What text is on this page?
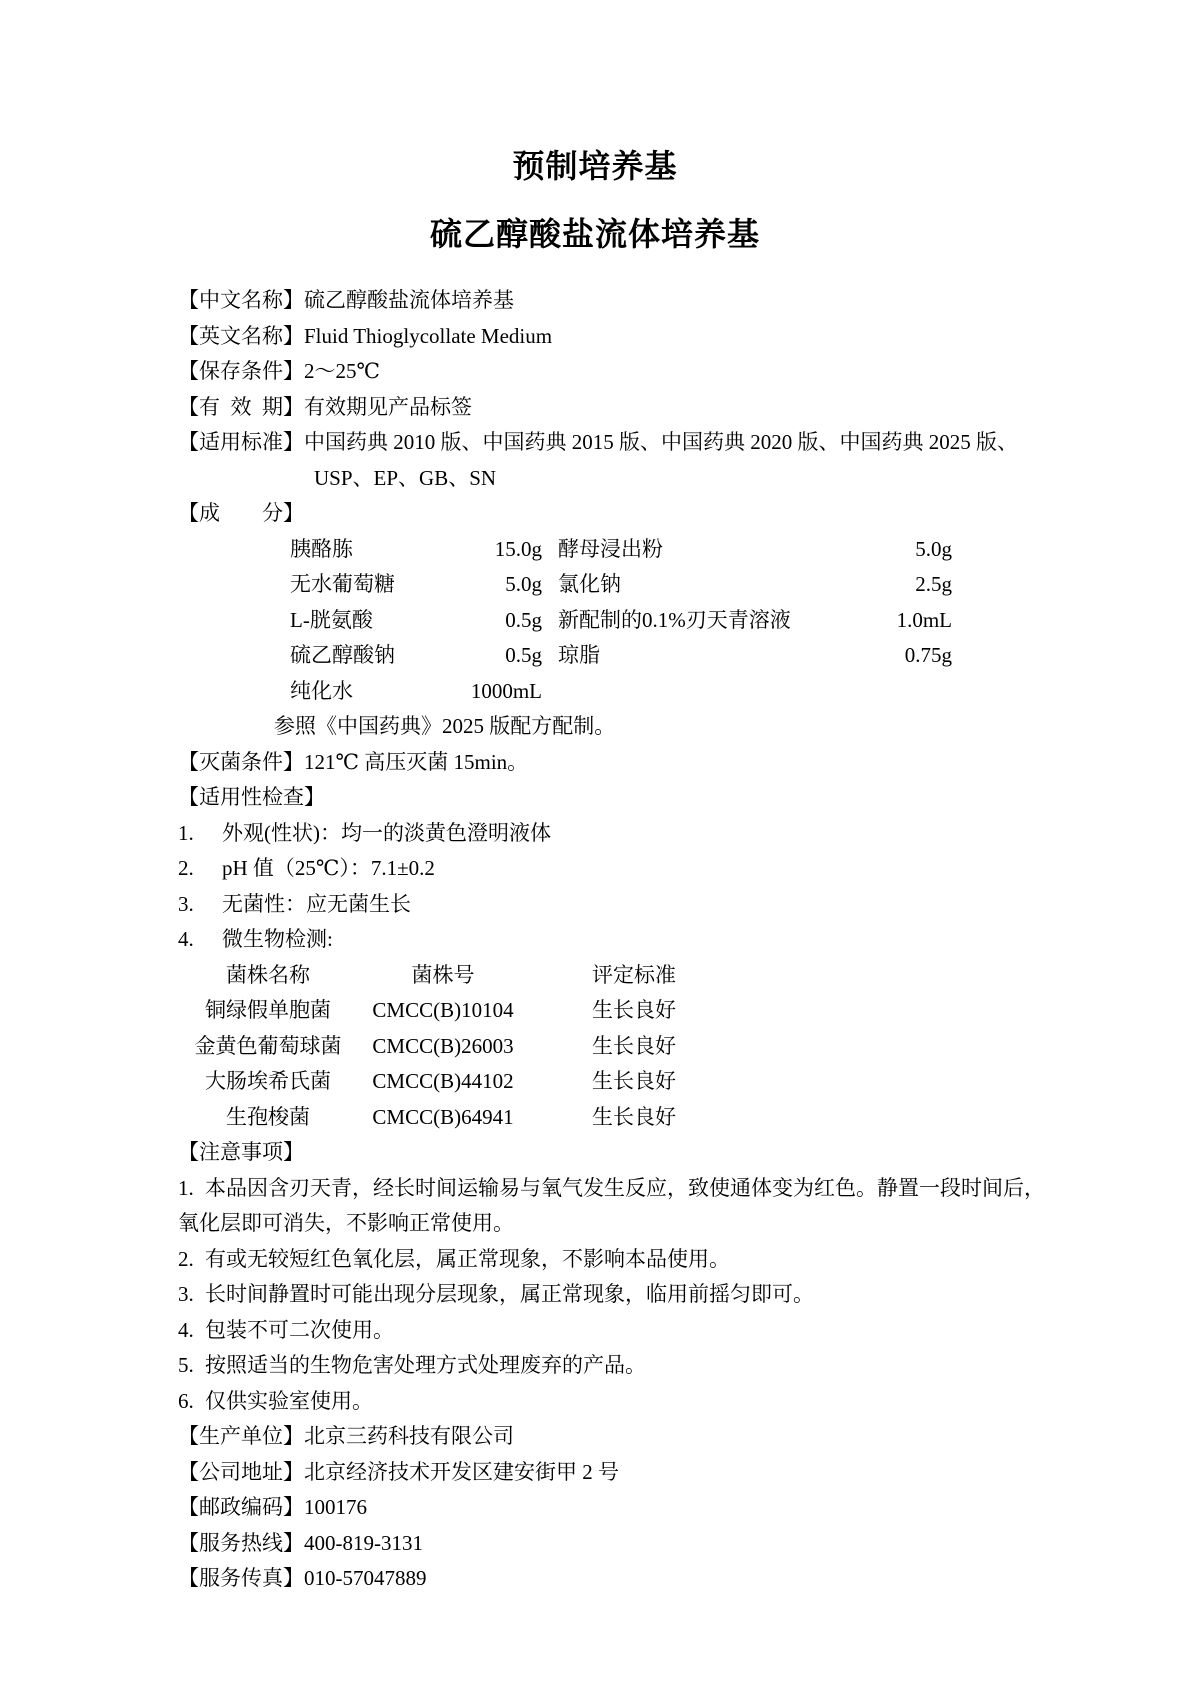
预制培养基
硫乙醇酸盐流体培养基
【中文名称】硫乙醇酸盐流体培养基
【英文名称】Fluid Thioglycollate Medium
【保存条件】2～25℃
【有 效 期】有效期见产品标签
【适用标准】中国药典 2010 版、中国药典 2015 版、中国药典 2020 版、中国药典 2025 版、
USP、EP、GB、SN
【成　　分】
胰酪胨	15.0g 酵母浸出粉	5.0g
无水葡萄糖	5.0g 氯化钠	2.5g
L-胱氨酸	0.5g 新配制的0.1%刃天青溶液	1.0mL
硫乙醇酸钠	0.5g 琼脂	0.75g
纯化水	1000mL
参照《中国药典》2025 版配方配制。
【灭菌条件】121℃ 高压灭菌 15min。
【适用性检查】
1. 外观(性状)：均一的淡黄色澄明液体
2. pH 值（25℃）：7.1±0.2
3. 无菌性：应无菌生长
4. 微生物检测:
菌株名称	菌株号	评定标准
铜绿假单胞菌	CMCC(B)10104	生长良好
金黄色葡萄球菌	CMCC(B)26003	生长良好
大肠埃希氏菌	CMCC(B)44102	生长良好
生孢梭菌	CMCC(B)64941	生长良好
【注意事项】
1. 本品因含刃天青，经长时间运输易与氧气发生反应，致使通体变为红色。静置一段时间后，
氧化层即可消失，不影响正常使用。
2. 有或无较短红色氧化层，属正常现象，不影响本品使用。
3. 长时间静置时可能出现分层现象，属正常现象，临用前摇匀即可。
4. 包装不可二次使用。
5. 按照适当的生物危害处理方式处理废弃的产品。
6. 仅供实验室使用。
【生产单位】北京三药科技有限公司
【公司地址】北京经济技术开发区建安街甲 2 号
【邮政编码】100176
【服务热线】400-819-3131
【服务传真】010-57047889
